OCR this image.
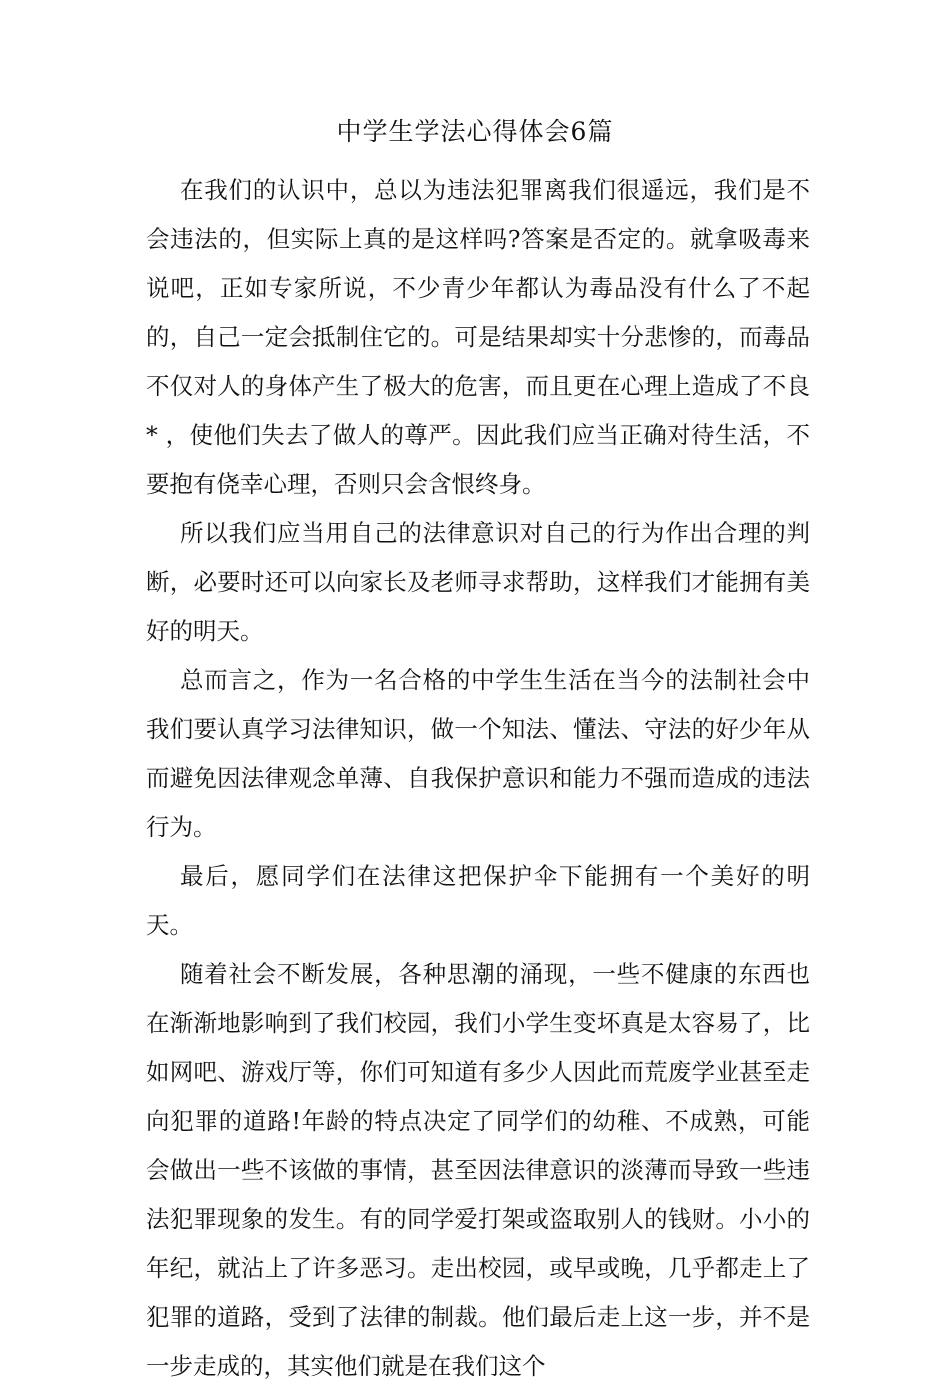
中学生学法心得体会6篇

在我们的认识中，总以为违法犯罪离我们很遥远，我们是不会违法的，但实际上真的是这样吗?答案是否定的。就拿吸毒来说吧，正如专家所说，不少青少年都认为毒品没有什么了不起的，自己一定会抵制住它的。可是结果却实十分悲惨的，而毒品不仅对人的身体产生了极大的危害，而且更在心理上造成了不良 * ，使他们失去了做人的尊严。因此我们应当正确对待生活，不要抱有侥幸心理，否则只会含恨终身。

所以我们应当用自己的法律意识对自己的行为作出合理的判断，必要时还可以向家长及老师寻求帮助，这样我们才能拥有美好的明天。

总而言之，作为一名合格的中学生生活在当今的法制社会中我们要认真学习法律知识，做一个知法、懂法、守法的好少年从而避免因法律观念单薄、自我保护意识和能力不强而造成的违法行为。

最后，愿同学们在法律这把保护伞下能拥有一个美好的明天。

随着社会不断发展，各种思潮的涌现，一些不健康的东西也在渐渐地影响到了我们校园，我们小学生变坏真是太容易了，比如网吧、游戏厅等，你们可知道有多少人因此而荒废学业甚至走向犯罪的道路!年龄的特点决定了同学们的幼稚、不成熟，可能会做出一些不该做的事情，甚至因法律意识的淡薄而导致一些违法犯罪现象的发生。有的同学爱打架或盗取别人的钱财。小小的年纪，就沾上了许多恶习。走出校园，或早或晚，几乎都走上了犯罪的道路，受到了法律的制裁。他们最后走上这一步，并不是一步走成的，其实他们就是在我们这个
